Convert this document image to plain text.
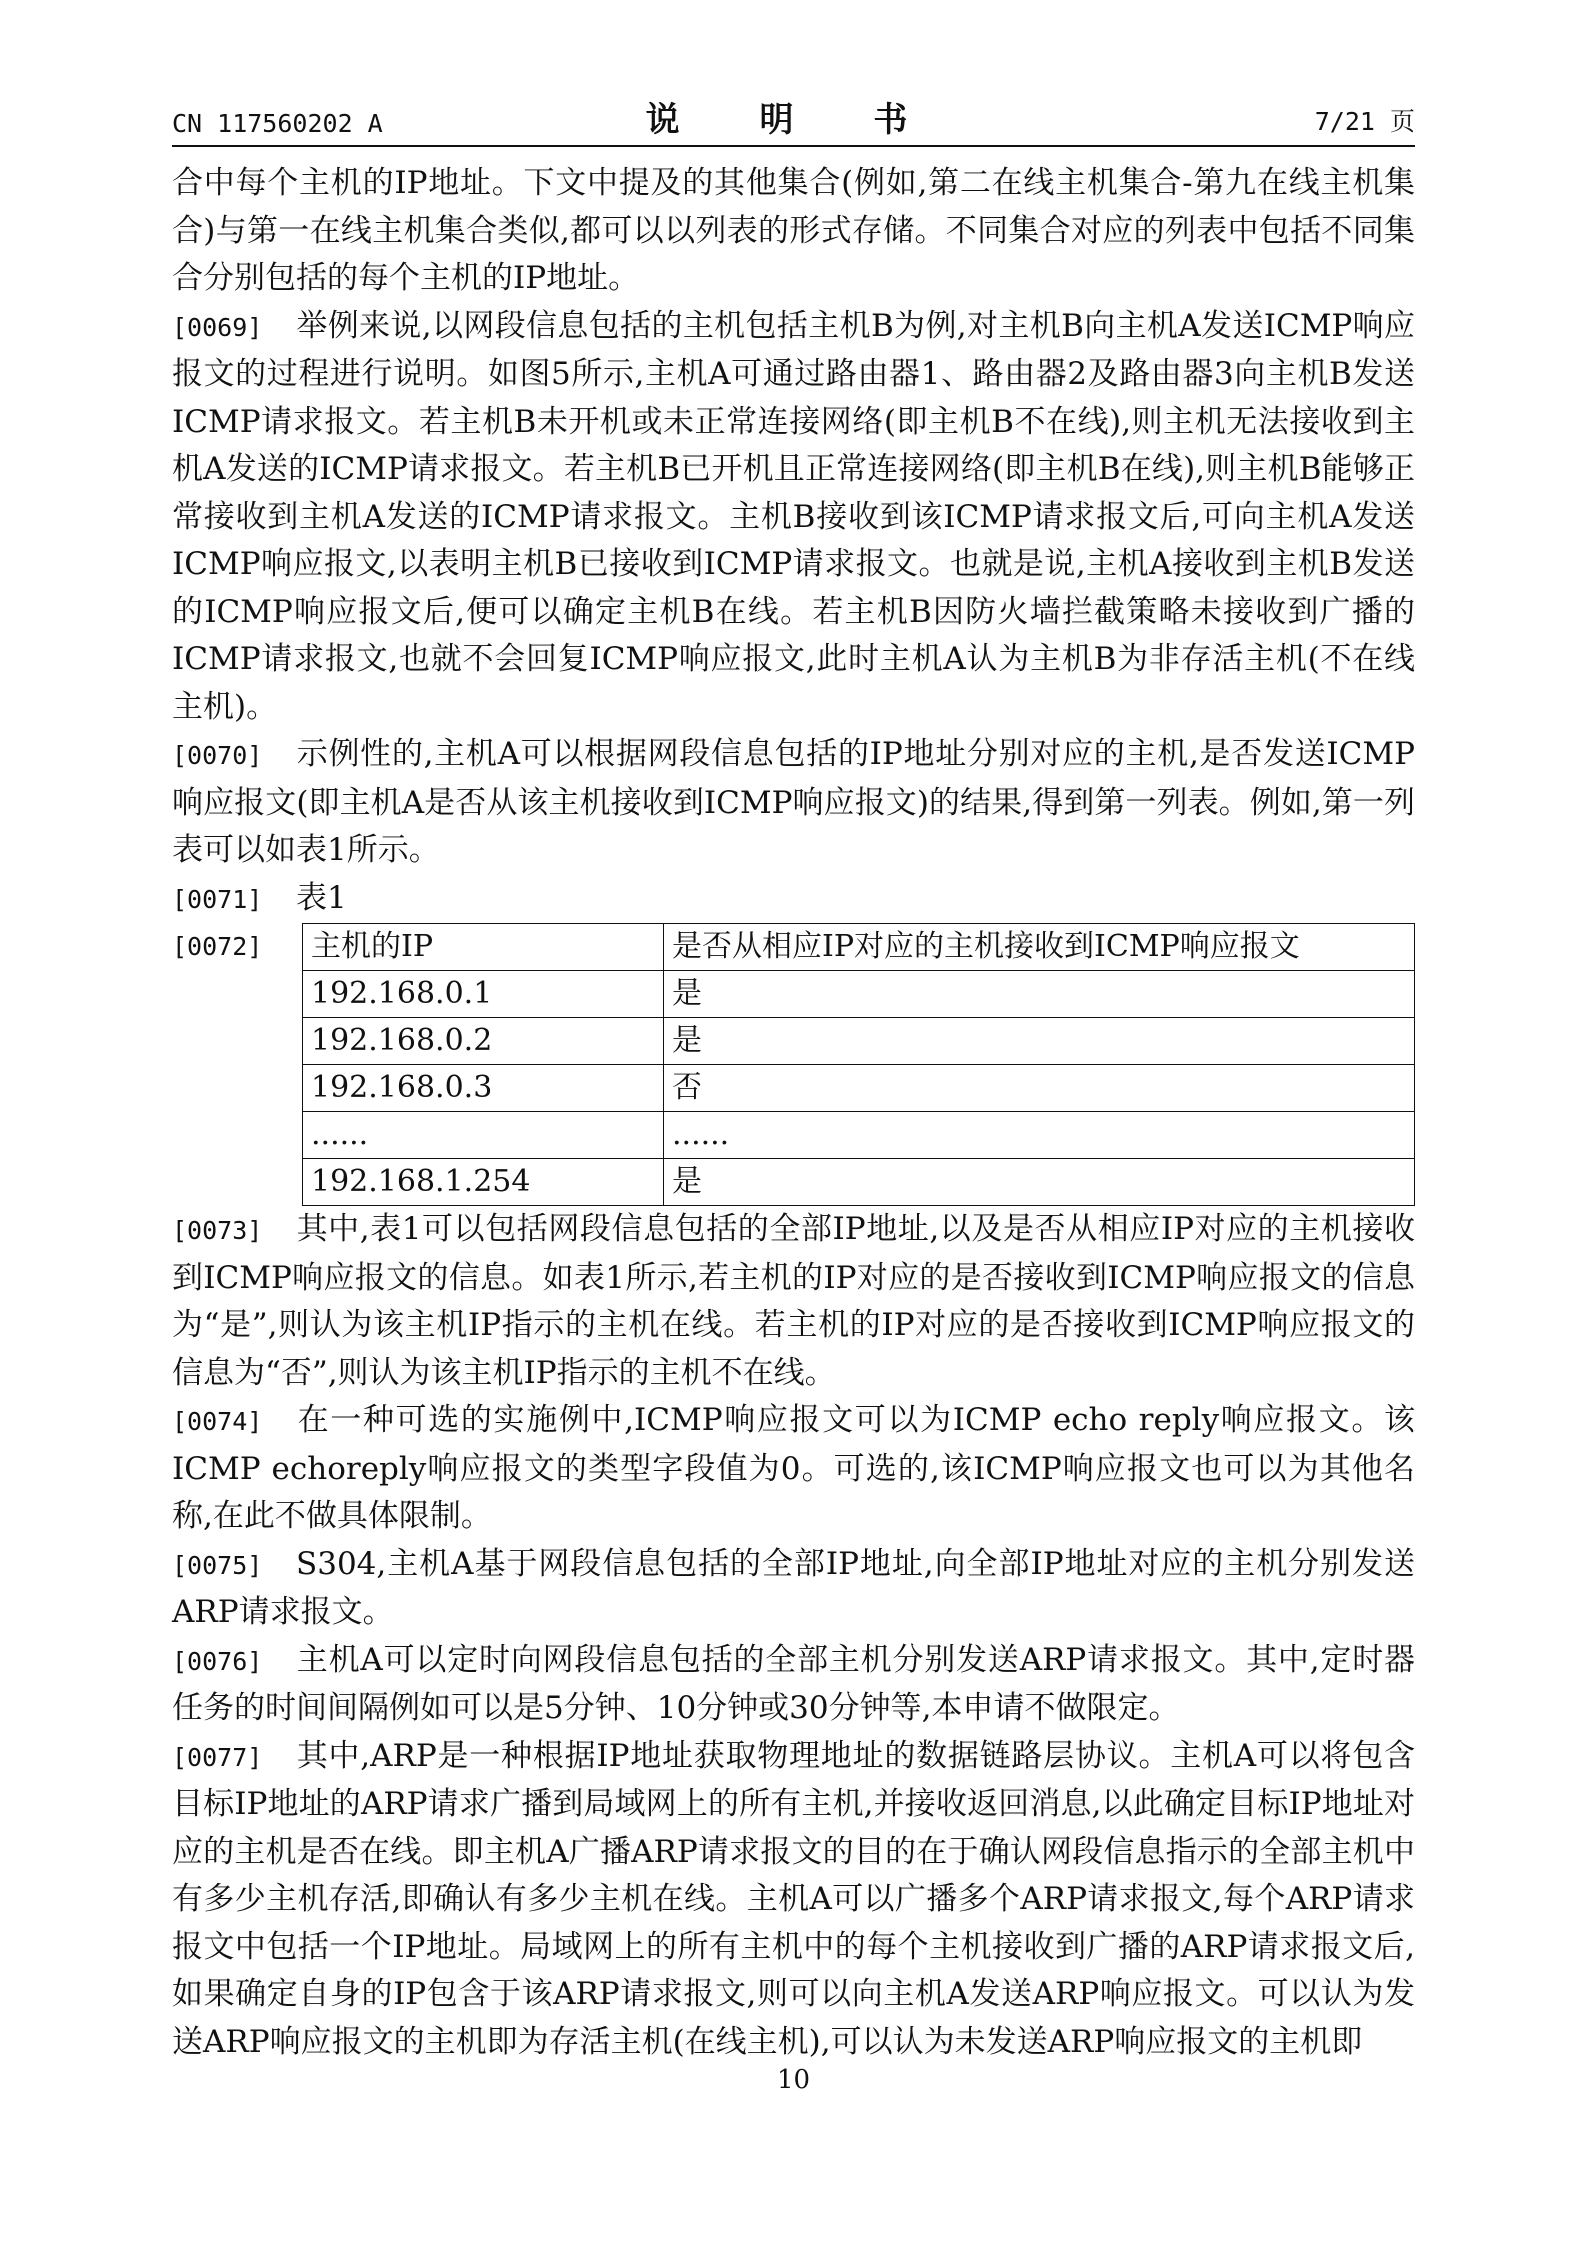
CN 117560202 A	说 明 书	7/21 页

合中每个主机的IP地址。下文中提及的其他集合(例如,第二在线主机集合-第九在线主机集合)与第一在线主机集合类似,都可以以列表的形式存储。不同集合对应的列表中包括不同集合分别包括的每个主机的IP地址。

[0069] 举例来说,以网段信息包括的主机包括主机B为例,对主机B向主机A发送ICMP响应报文的过程进行说明。如图5所示,主机A可通过路由器1、路由器2及路由器3向主机B发送ICMP请求报文。若主机B未开机或未正常连接网络(即主机B不在线),则主机无法接收到主机A发送的ICMP请求报文。若主机B已开机且正常连接网络(即主机B在线),则主机B能够正常接收到主机A发送的ICMP请求报文。主机B接收到该ICMP请求报文后,可向主机A发送ICMP响应报文,以表明主机B已接收到ICMP请求报文。也就是说,主机A接收到主机B发送的ICMP响应报文后,便可以确定主机B在线。若主机B因防火墙拦截策略未接收到广播的ICMP请求报文,也就不会回复ICMP响应报文,此时主机A认为主机B为非存活主机(不在线主机)。

[0070] 示例性的,主机A可以根据网段信息包括的IP地址分别对应的主机,是否发送ICMP响应报文(即主机A是否从该主机接收到ICMP响应报文)的结果,得到第一列表。例如,第一列表可以如表1所示。

[0071] 表1

[0072] 主机的IP	是否从相应IP对应的主机接收到ICMP响应报文
192.168.0.1	是
192.168.0.2	是
192.168.0.3	否
......	......
192.168.1.254	是

[0073] 其中,表1可以包括网段信息包括的全部IP地址,以及是否从相应IP对应的主机接收到ICMP响应报文的信息。如表1所示,若主机的IP对应的是否接收到ICMP响应报文的信息为“是”,则认为该主机IP指示的主机在线。若主机的IP对应的是否接收到ICMP响应报文的信息为“否”,则认为该主机IP指示的主机不在线。

[0074] 在一种可选的实施例中,ICMP响应报文可以为ICMP echo reply响应报文。该ICMP echoreply响应报文的类型字段值为0。可选的,该ICMP响应报文也可以为其他名称,在此不做具体限制。

[0075] S304,主机A基于网段信息包括的全部IP地址,向全部IP地址对应的主机分别发送ARP请求报文。

[0076] 主机A可以定时向网段信息包括的全部主机分别发送ARP请求报文。其中,定时器任务的时间间隔例如可以是5分钟、10分钟或30分钟等,本申请不做限定。

[0077] 其中,ARP是一种根据IP地址获取物理地址的数据链路层协议。主机A可以将包含目标IP地址的ARP请求广播到局域网上的所有主机,并接收返回消息,以此确定目标IP地址对应的主机是否在线。即主机A广播ARP请求报文的目的在于确认网段信息指示的全部主机中有多少主机存活,即确认有多少主机在线。主机A可以广播多个ARP请求报文,每个ARP请求报文中包括一个IP地址。局域网上的所有主机中的每个主机接收到广播的ARP请求报文后,如果确定自身的IP包含于该ARP请求报文,则可以向主机A发送ARP响应报文。可以认为发送ARP响应报文的主机即为存活主机(在线主机),可以认为未发送ARP响应报文的主机即

10
